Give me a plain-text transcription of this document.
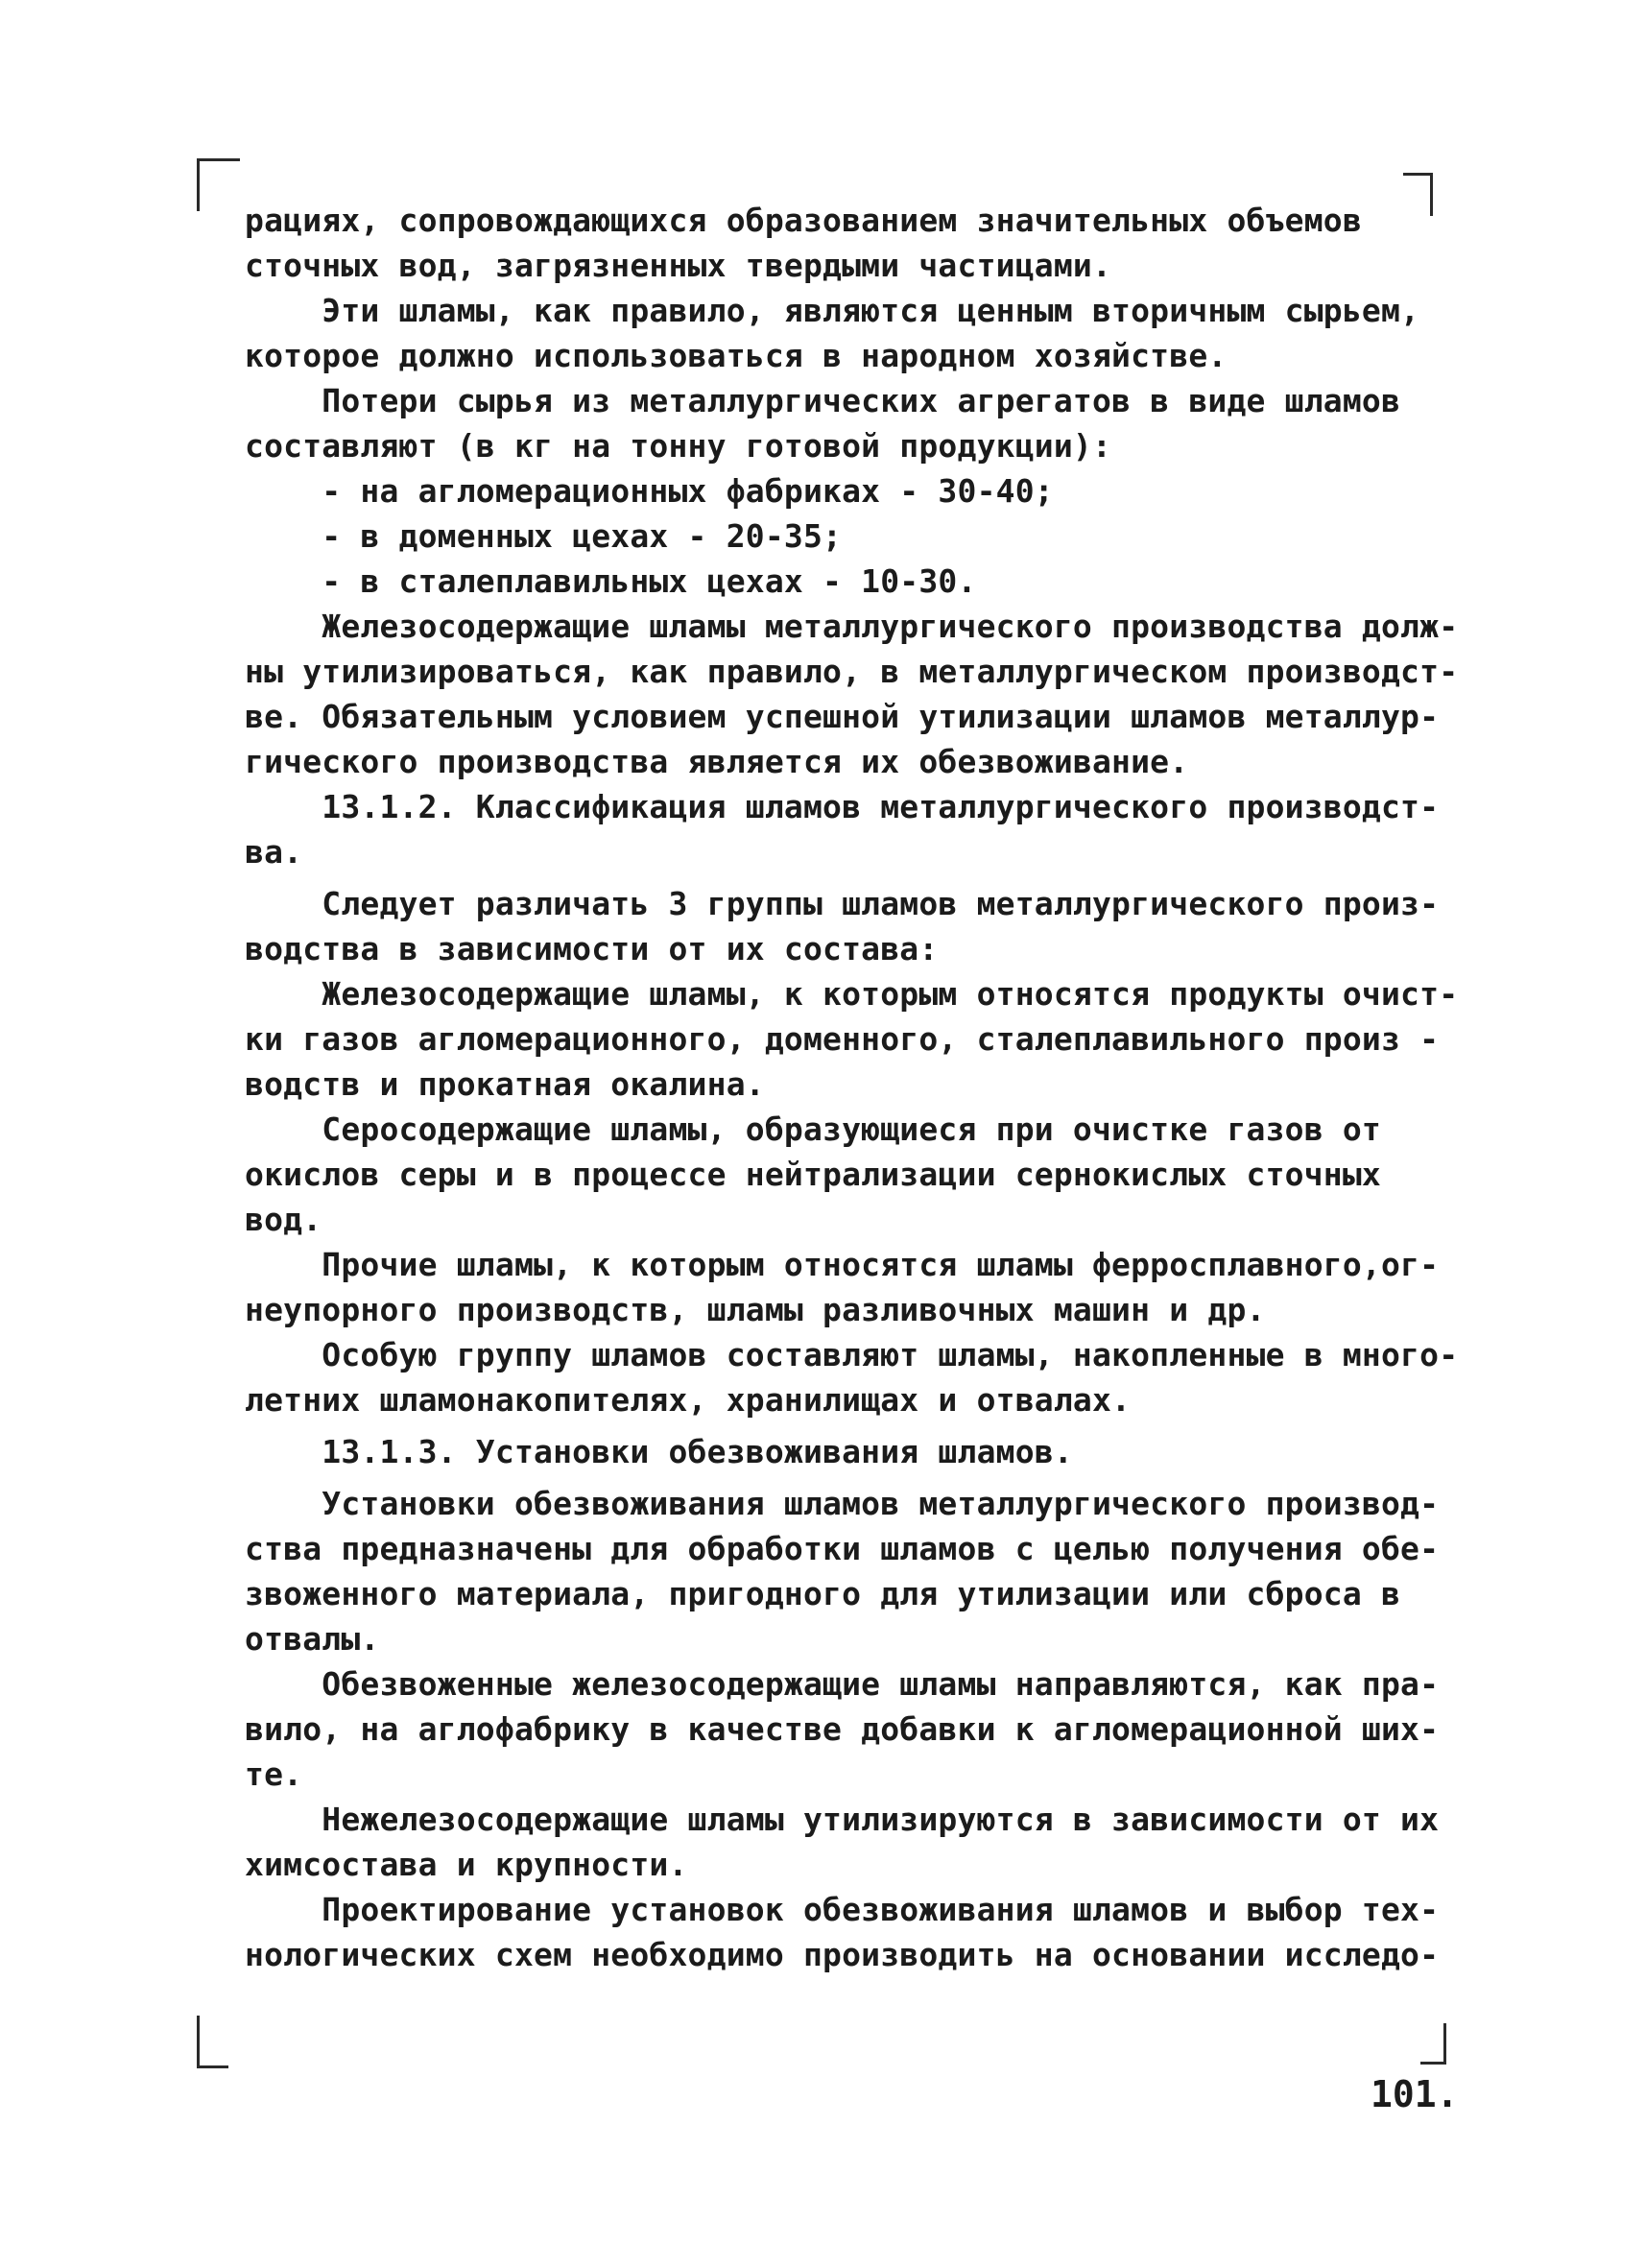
рациях, сопровождающихся образованием значительных объемов
сточных вод, загрязненных твердыми частицами.
Эти шламы, как правило, являются ценным вторичным сырьем,
которое должно использоваться в народном хозяйстве.
Потери сырья из металлургических агрегатов в виде шламов
составляют (в кг на тонну готовой продукции):
- на агломерационных фабриках - 30-40;
- в доменных цехах - 20-35;
- в сталеплавильных цехах - 10-30.
Железосодержащие шламы металлургического производства долж-
ны утилизироваться, как правило, в металлургическом производст-
ве. Обязательным условием успешной утилизации шламов металлур-
гического производства является их обезвоживание.
13.1.2. Классификация шламов металлургического производст-
ва.
Следует различать 3 группы шламов металлургического произ-
водства в зависимости от их состава:
Железосодержащие шламы, к которым относятся продукты очист-
ки газов агломерационного, доменного, сталеплавильного произ -
водств и прокатная окалина.
Серосодержащие шламы, образующиеся при очистке газов от
окислов серы и в процессе нейтрализации сернокислых сточных
вод.
Прочие шламы, к которым относятся шламы ферросплавного,ог-
неупорного производств, шламы разливочных машин и др.
Особую группу шламов составляют шламы, накопленные в много-
летних шламонакопителях, хранилищах и отвалах.
13.1.3. Установки обезвоживания шламов.
Установки обезвоживания шламов металлургического производ-
ства предназначены для обработки шламов с целью получения обе-
звоженного материала, пригодного для утилизации или сброса в
отвалы.
Обезвоженные железосодержащие шламы направляются, как пра-
вило, на аглофабрику в качестве добавки к агломерационной ших-
те.
Нежелезосодержащие шламы утилизируются в зависимости от их
химсостава и крупности.
Проектирование установок обезвоживания шламов и выбор тех-
нологических схем необходимо производить на основании исследо-
101.
